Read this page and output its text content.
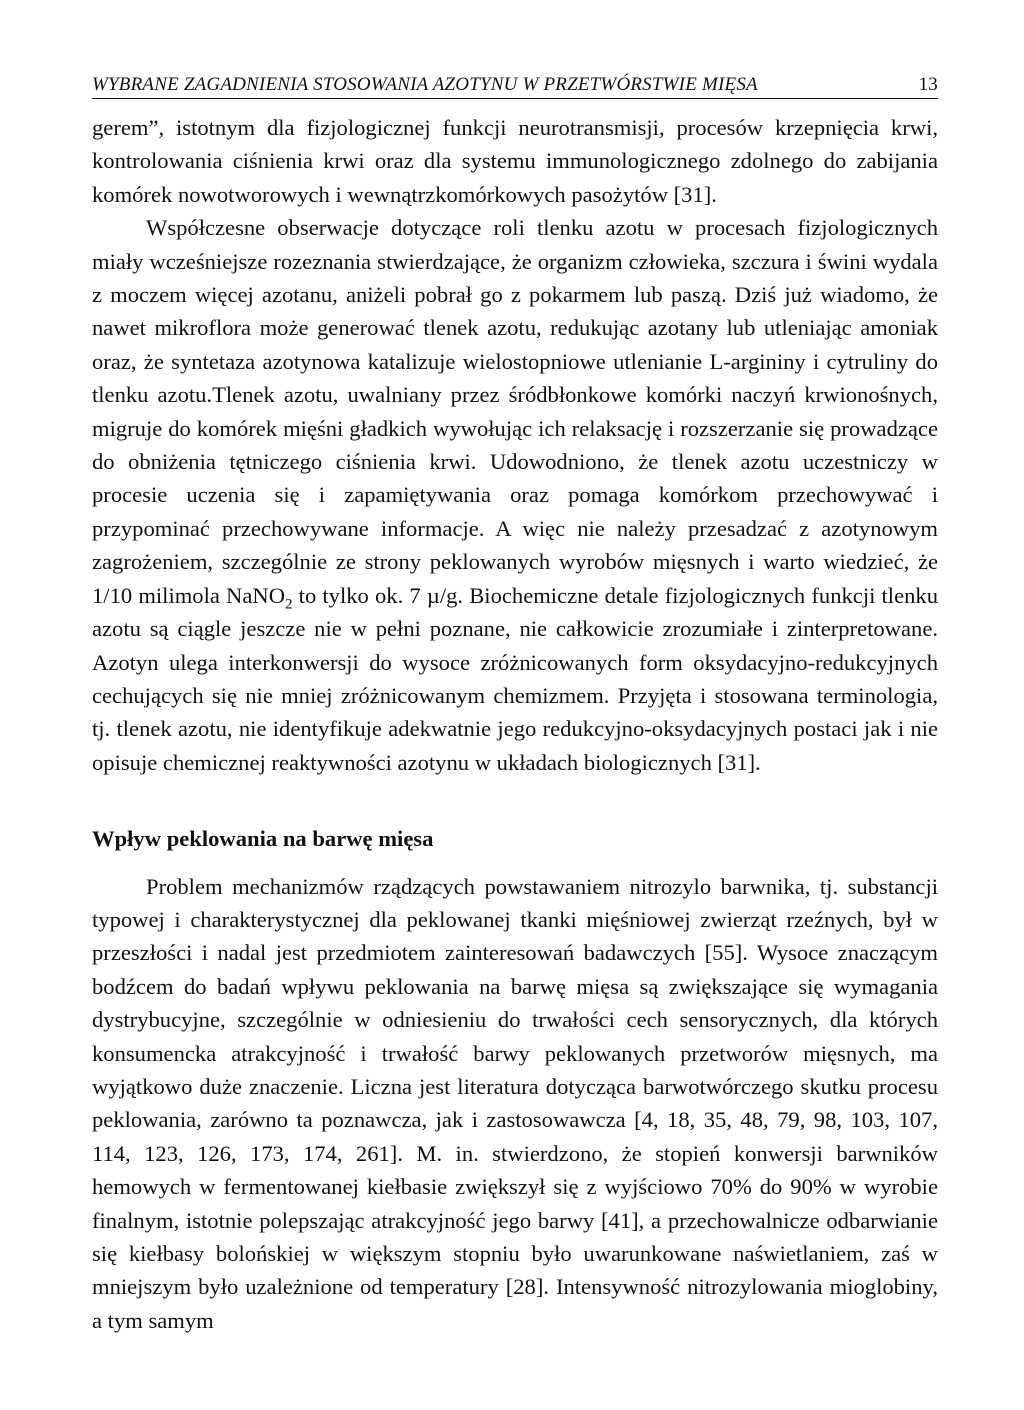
WYBRANE ZAGADNIENIA STOSOWANIA AZOTYNU W PRZETWÓRSTWIE MIĘSA	13

gerem”, istotnym dla fizjologicznej funkcji neurotransmisji, procesów krzepnięcia krwi, kontrolowania ciśnienia krwi oraz dla systemu immunologicznego zdolnego do zabijania komórek nowotworowych i wewnątrzkomórkowych pasożytów [31].

Współczesne obserwacje dotyczące roli tlenku azotu w procesach fizjologicznych miały wcześniejsze rozeznania stwierdzające, że organizm człowieka, szczura i świni wydala z moczem więcej azotanu, aniżeli pobrał go z pokarmem lub paszą. Dziś już wiadomo, że nawet mikroflora może generować tlenek azotu, redukując azotany lub utleniając amoniak oraz, że syntetaza azotynowa katalizuje wielostopniowe utlenianie L-argininy i cytruliny do tlenku azotu.Tlenek azotu, uwalniany przez śródbłonkowe komórki naczyń krwionośnych, migruje do komórek mięśni gładkich wywołując ich relaksację i rozszerzanie się prowadzące do obniżenia tętniczego ciśnienia krwi. Udowodniono, że tlenek azotu uczestniczy w procesie uczenia się i zapamiętywania oraz pomaga komórkom przechowywać i przypominać przechowywane informacje. A więc nie należy przesadzać z azotynowym zagrożeniem, szczególnie ze strony peklowanych wyrobów mięsnych i warto wiedzieć, że 1/10 milimola NaNO$_2$ to tylko ok. 7 µ/g. Biochemiczne detale fizjologicznych funkcji tlenku azotu są ciągle jeszcze nie w pełni poznane, nie całkowicie zrozumiałe i zinterpretowane. Azotyn ulega interkonwersji do wysoce zróżnicowanych form oksydacyjno-redukcyjnych cechujących się nie mniej zróżnicowanym chemizmem. Przyjęta i stosowana terminologia, tj. tlenek azotu, nie identyfikuje adekwatnie jego redukcyjno-oksydacyjnych postaci jak i nie opisuje chemicznej reaktywności azotynu w układach biologicznych [31].

Wpływ peklowania na barwę mięsa

Problem mechanizmów rządzących powstawaniem nitrozylo barwnika, tj. substancji typowej i charakterystycznej dla peklowanej tkanki mięśniowej zwierząt rzeźnych, był w przeszłości i nadal jest przedmiotem zainteresowań badawczych [55]. Wysoce znaczącym bodźcem do badań wpływu peklowania na barwę mięsa są zwiększające się wymagania dystrybucyjne, szczególnie w odniesieniu do trwałości cech sensorycznych, dla których konsumencka atrakcyjność i trwałość barwy peklowanych przetworów mięsnych, ma wyjątkowo duże znaczenie. Liczna jest literatura dotycząca barwotwórczego skutku procesu peklowania, zarówno ta poznawcza, jak i zastosowawcza [4, 18, 35, 48, 79, 98, 103, 107, 114, 123, 126, 173, 174, 261]. M. in. stwierdzono, że stopień konwersji barwników hemowych w fermentowanej kiełbasie zwiększył się z wyjściowo 70% do 90% w wyrobie finalnym, istotnie polepszając atrakcyjność jego barwy [41], a przechowalnicze odbarwianie się kiełbasy bolońskiej w większym stopniu było uwarunkowane naświetlaniem, zaś w mniejszym było uzależnione od temperatury [28]. Intensywność nitrozylowania mioglobiny, a tym samym
